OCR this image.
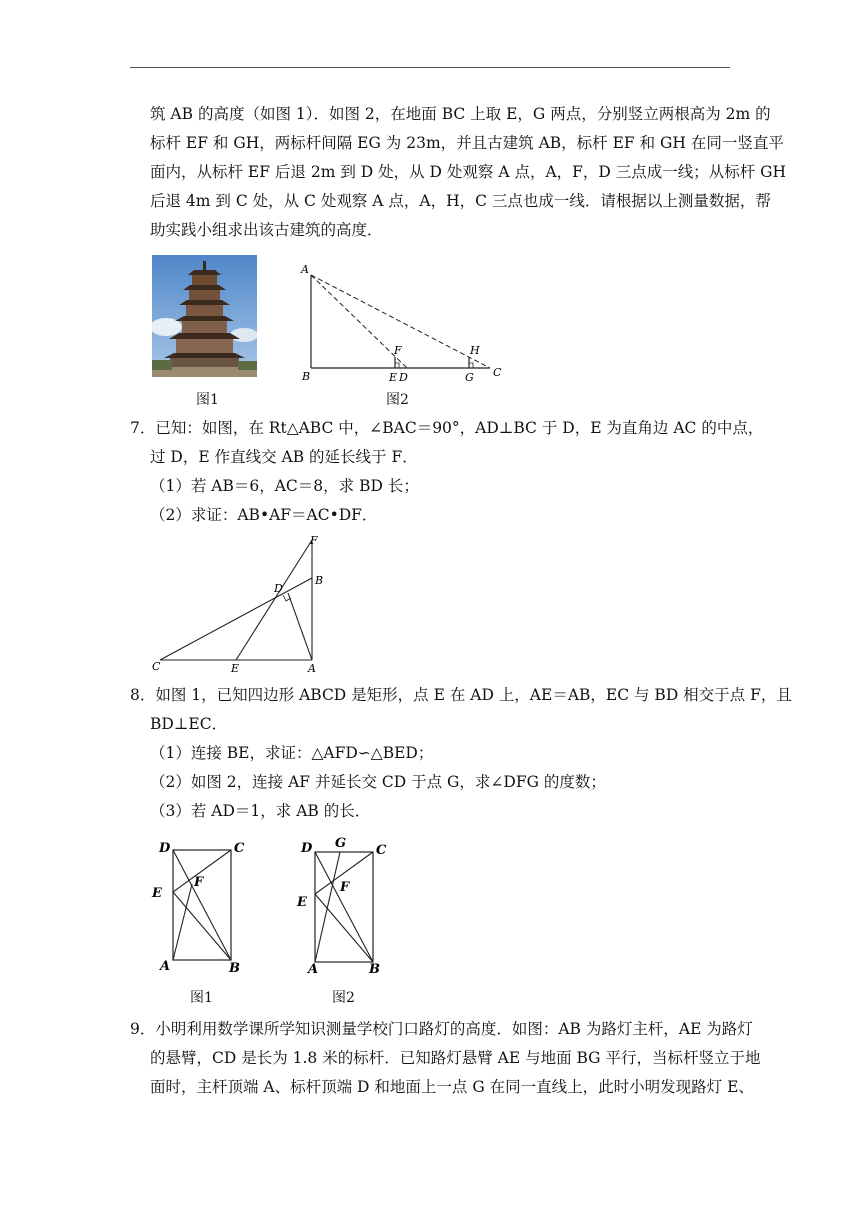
筑 AB 的高度（如图 1）．如图 2，在地面 BC 上取 E，G 两点，分别竖立两根高为 2m 的
标杆 EF 和 GH，两标杆间隔 EG 为 23m，并且古建筑 AB，标杆 EF 和 GH 在同一竖直平
面内，从标杆 EF 后退 2m 到 D 处，从 D 处观察 A 点，A，F，D 三点成一线；从标杆 GH
后退 4m 到 C 处，从 C 处观察 A 点，A，H，C 三点也成一线．请根据以上测量数据，帮
助实践小组求出该古建筑的高度．
图1
A
B	E D	G C
F	H
图2
7．已知：如图，在 Rt△ABC 中，∠BAC＝90°，AD⊥BC 于 D，E 为直角边 AC 的中点，
过 D，E 作直线交 AB 的延长线于 F．
（1）若 AB＝6，AC＝8，求 BD 长；
（2）求证：AB•AF＝AC•DF．
F
B
D
C	E	A
8．如图 1，已知四边形 ABCD 是矩形，点 E 在 AD 上，AE＝AB，EC 与 BD 相交于点 F，且
BD⊥EC．
（1）连接 BE，求证：△AFD∽△BED；
（2）如图 2，连接 AF 并延长交 CD 于点 G，求∠DFG 的度数；
（3）若 AD＝1，求 AB 的长．
D	C
E
F
A	B
图1
D G C
E
F
A	B
图2
9．小明利用数学课所学知识测量学校门口路灯的高度．如图：AB 为路灯主杆，AE 为路灯
的悬臂，CD 是长为 1.8 米的标杆．已知路灯悬臂 AE 与地面 BG 平行，当标杆竖立于地
面时，主杆顶端 A、标杆顶端 D 和地面上一点 G 在同一直线上，此时小明发现路灯 E、
